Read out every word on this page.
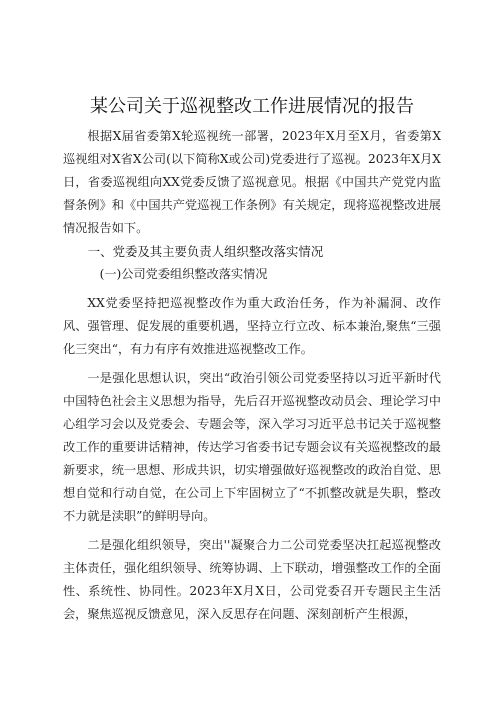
某公司关于巡视整改工作进展情况的报告

根据X届省委第X轮巡视统一部署，2023年X月至X月，省委第X巡视组对X省X公司(以下简称X或公司)党委进行了巡视。2023年X月X日，省委巡视组向XX党委反馈了巡视意见。根据《中国共产党党内监督条例》和《中国共产党巡视工作条例》有关规定，现将巡视整改进展情况报告如下。

一、党委及其主要负责人组织整改落实情况

(一)公司党委组织整改落实情况

XX党委坚持把巡视整改作为重大政治任务，作为补漏洞、改作风、强管理、促发展的重要机遇，坚持立行立改、标本兼治,聚焦“三强化三突出“，有力有序有效推进巡视整改工作。

一是强化思想认识，突出“政治引领公司党委坚持以习近平新时代中国特色社会主义思想为指导，先后召开巡视整改动员会、理论学习中心组学习会以及党委会、专题会等，深入学习习近平总书记关于巡视整改工作的重要讲话精神，传达学习省委书记专题会议有关巡视整改的最新要求，统一思想、形成共识，切实增强做好巡视整改的政治自觉、思想自觉和行动自觉，在公司上下牢固树立了“不抓整改就是失职，整改不力就是渎职”的鲜明导向。

二是强化组织领导，突出''凝聚合力二公司党委坚决扛起巡视整改主体责任，强化组织领导、统筹协调、上下联动，增强整改工作的全面性、系统性、协同性。2023年X月X日，公司党委召开专题民主生活会，聚焦巡视反馈意见，深入反思存在问题、深刻剖析产生根源，
